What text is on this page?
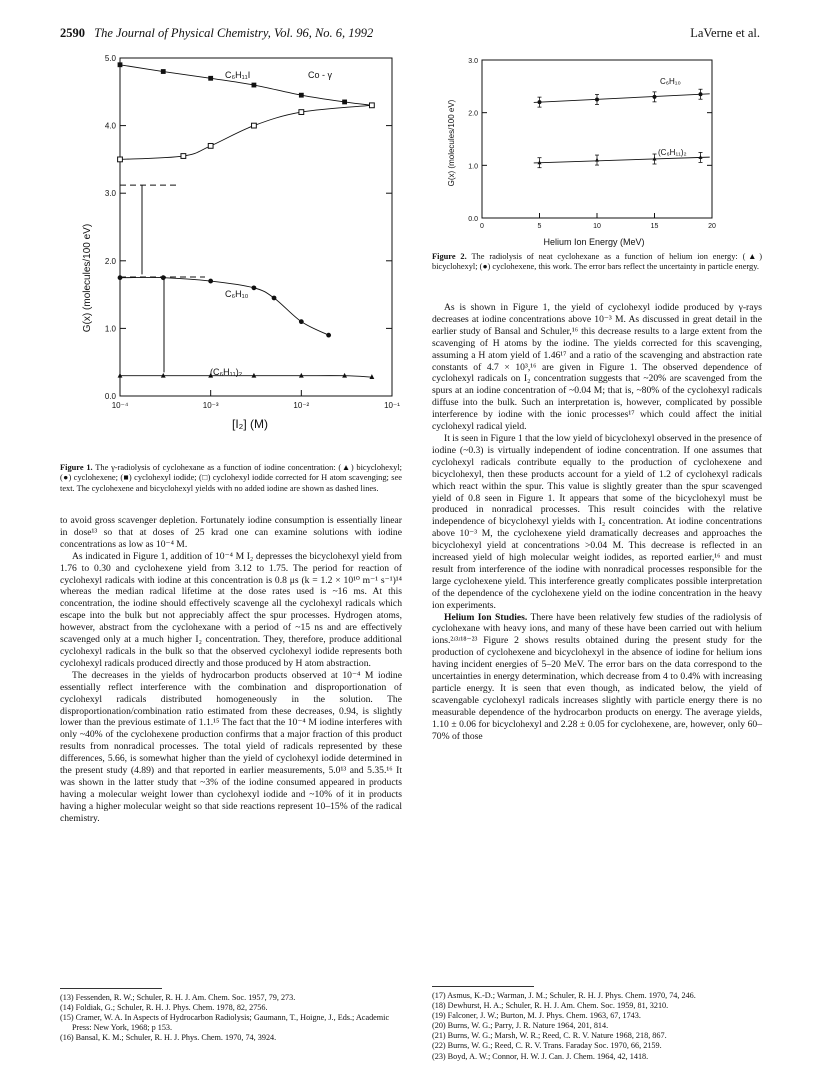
2590 The Journal of Physical Chemistry, Vol. 96, No. 6, 1992	LaVerne et al.
0.0
1.0
2.0
3.0
4.0
5.0
10⁻⁴	10⁻³	10⁻²	10⁻¹
G(x) (molecules/100 eV)
[I₂] (M)
C₆H₁₁I	Co - γ
C₆H₁₀
(C₆H₁₁)₂
Figure 1. The γ-radiolysis of cyclohexane as a function of iodine concentration: (▲) bicyclohexyl; (●) cyclohexene; (■) cyclohexyl iodide; (□) cyclohexyl iodide corrected for H atom scavenging; see text. The cyclohexene and bicyclohexyl yields with no added iodine are shown as dashed lines.

to avoid gross scavenger depletion. Fortunately iodine consumption is essentially linear in dose¹³ so that at doses of 25 krad one can examine solutions with iodine concentrations as low as 10⁻⁴ M.

As indicated in Figure 1, addition of 10⁻⁴ M I₂ depresses the bicyclohexyl yield from 1.76 to 0.30 and cyclohexene yield from 3.12 to 1.75. The period for reaction of cyclohexyl radicals with iodine at this concentration is 0.8 μs (k = 1.2 × 10¹⁰ m⁻¹ s⁻¹)¹⁴ whereas the median radical lifetime at the dose rates used is ~16 ms. At this concentration, the iodine should effectively scavenge all the cyclohexyl radicals which escape into the bulk but not appreciably affect the spur processes. Hydrogen atoms, however, abstract from the cyclohexane with a period of ~15 ns and are effectively scavenged only at a much higher I₂ concentration. They, therefore, produce additional cyclohexyl radicals in the bulk so that the observed cyclohexyl iodide represents both cyclohexyl radicals produced directly and those produced by H atom abstraction.

The decreases in the yields of hydrocarbon products observed at 10⁻⁴ M iodine essentially reflect interference with the combination and disproportionation of cyclohexyl radicals distributed homogeneously in the solution. The disproportionation/combination ratio estimated from these decreases, 0.94, is slightly lower than the previous estimate of 1.1.¹⁵ The fact that the 10⁻⁴ M iodine interferes with only ~40% of the cyclohexene production confirms that a major fraction of this product results from nonradical processes. The total yield of radicals represented by these differences, 5.66, is somewhat higher than the yield of cyclohexyl iodide determined in the present study (4.89) and that reported in earlier measurements, 5.0¹³ and 5.35.¹⁶ It was shown in the latter study that ~3% of the iodine consumed appeared in products having a molecular weight lower than cyclohexyl iodide and ~10% of it in products having a higher molecular weight so that side reactions represent 10–15% of the radical chemistry.

(13) Fessenden, R. W.; Schuler, R. H. J. Am. Chem. Soc. 1957, 79, 273.
(14) Foldiak, G.; Schuler, R. H. J. Phys. Chem. 1978, 82, 2756.
(15) Cramer, W. A. In Aspects of Hydrocarbon Radiolysis; Gaumann, T., Hoigne, J., Eds.; Academic Press: New York, 1968; p 153.
(16) Bansal, K. M.; Schuler, R. H. J. Phys. Chem. 1970, 74, 3924.
0.0
1.0
2.0
3.0
0	5	10	15	20
G(x) (molecules/100 eV)
Helium Ion Energy (MeV)
C₆H₁₀
(C₆H₁₁)₂
Figure 2. The radiolysis of neat cyclohexane as a function of helium ion energy: (▲) bicyclohexyl; (●) cyclohexene, this work. The error bars reflect the uncertainty in particle energy.

As is shown in Figure 1, the yield of cyclohexyl iodide produced by γ-rays decreases at iodine concentrations above 10⁻³ M. As discussed in great detail in the earlier study of Bansal and Schuler,¹⁶ this decrease results to a large extent from the scavenging of H atoms by the iodine. The yields corrected for this scavenging, assuming a H atom yield of 1.46¹⁷ and a ratio of the scavenging and abstraction rate constants of 4.7 × 10³,¹⁶ are given in Figure 1. The observed dependence of cyclohexyl radicals on I₂ concentration suggests that ~20% are scavenged from the spurs at an iodine concentration of ~0.04 M; that is, ~80% of the cyclohexyl radicals diffuse into the bulk. Such an interpretation is, however, complicated by possible interference by iodine with the ionic processes¹⁷ which could affect the initial cyclohexyl radical yield.

It is seen in Figure 1 that the low yield of bicyclohexyl observed in the presence of iodine (~0.3) is virtually independent of iodine concentration. If one assumes that cyclohexyl radicals contribute equally to the production of cyclohexene and bicyclohexyl, then these products account for a yield of 1.2 of cyclohexyl radicals which react within the spur. This value is slightly greater than the spur scavenged yield of 0.8 seen in Figure 1. It appears that some of the bicyclohexyl must be produced in nonradical processes. This result coincides with the relative independence of bicyclohexyl yields with I₂ concentration. At iodine concentrations above 10⁻³ M, the cyclohexene yield dramatically decreases and approaches the bicyclohexyl yield at concentrations >0.04 M. This decrease is reflected in an increased yield of high molecular weight iodides, as reported earlier,¹⁶ and must result from interference of the iodine with nonradical processes responsible for the large cyclohexene yield. This interference greatly complicates possible interpretation of the dependence of the cyclohexene yield on the iodine concentration in the heavy ion experiments.

Helium Ion Studies. There have been relatively few studies of the radiolysis of cyclohexane with heavy ions, and many of these have been carried out with helium ions.²ʴ³ʴ¹⁸⁻²³ Figure 2 shows results obtained during the present study for the production of cyclohexene and bicyclohexyl in the absence of iodine for helium ions having incident energies of 5–20 MeV. The error bars on the data correspond to the uncertainties in energy determination, which decrease from 4 to 0.4% with increasing particle energy. It is seen that even though, as indicated below, the yield of scavengable cyclohexyl radicals increases slightly with particle energy there is no measurable dependence of the hydrocarbon products on energy. The average yields, 1.10 ± 0.06 for bicyclohexyl and 2.28 ± 0.05 for cyclohexene, are, however, only 60–70% of those

(17) Asmus, K.-D.; Warman, J. M.; Schuler, R. H. J. Phys. Chem. 1970, 74, 246.
(18) Dewhurst, H. A.; Schuler, R. H. J. Am. Chem. Soc. 1959, 81, 3210.
(19) Falconer, J. W.; Burton, M. J. Phys. Chem. 1963, 67, 1743.
(20) Burns, W. G.; Parry, J. R. Nature 1964, 201, 814.
(21) Burns, W. G.; Marsh, W. R.; Reed, C. R. V. Nature 1968, 218, 867.
(22) Burns, W. G.; Reed, C. R. V. Trans. Faraday Soc. 1970, 66, 2159.
(23) Boyd, A. W.; Connor, H. W. J. Can. J. Chem. 1964, 42, 1418.
